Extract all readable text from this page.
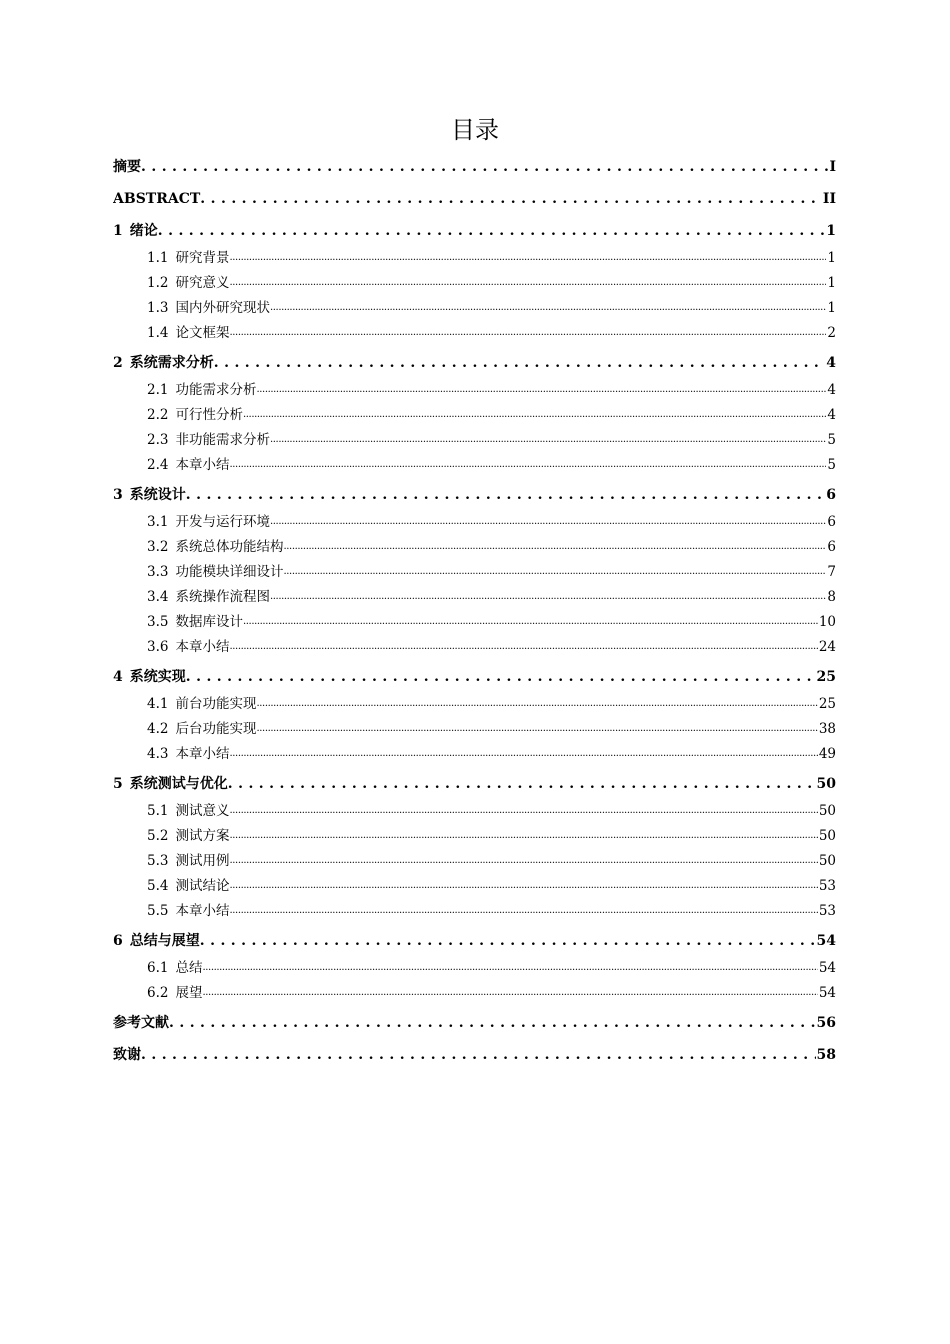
目录
摘要 . . .	I
ABSTRACT . . .	II
1 绪论 . . .	1
1.1 研究背景 .....	1
1.2 研究意义 .....	1
1.3 国内外研究现状 .....	1
1.4 论文框架 .....	2
2 系统需求分析 . . .	4
2.1 功能需求分析 .....	4
2.2 可行性分析 .....	4
2.3 非功能需求分析 .....	5
2.4 本章小结 .....	5
3 系统设计 . . .	6
3.1 开发与运行环境 .....	6
3.2 系统总体功能结构 .....	6
3.3 功能模块详细设计 .....	7
3.4 系统操作流程图 .....	8
3.5 数据库设计 .....	10
3.6 本章小结 .....	24
4 系统实现 . . .	25
4.1 前台功能实现 .....	25
4.2 后台功能实现 .....	38
4.3 本章小结 .....	49
5 系统测试与优化 . . .	50
5.1 测试意义 .....	50
5.2 测试方案 .....	50
5.3 测试用例 .....	50
5.4 测试结论 .....	53
5.5 本章小结 .....	53
6 总结与展望 . . .	54
6.1 总结 .....	54
6.2 展望 .....	54
参考文献 . . .	56
致谢 . . .	58
